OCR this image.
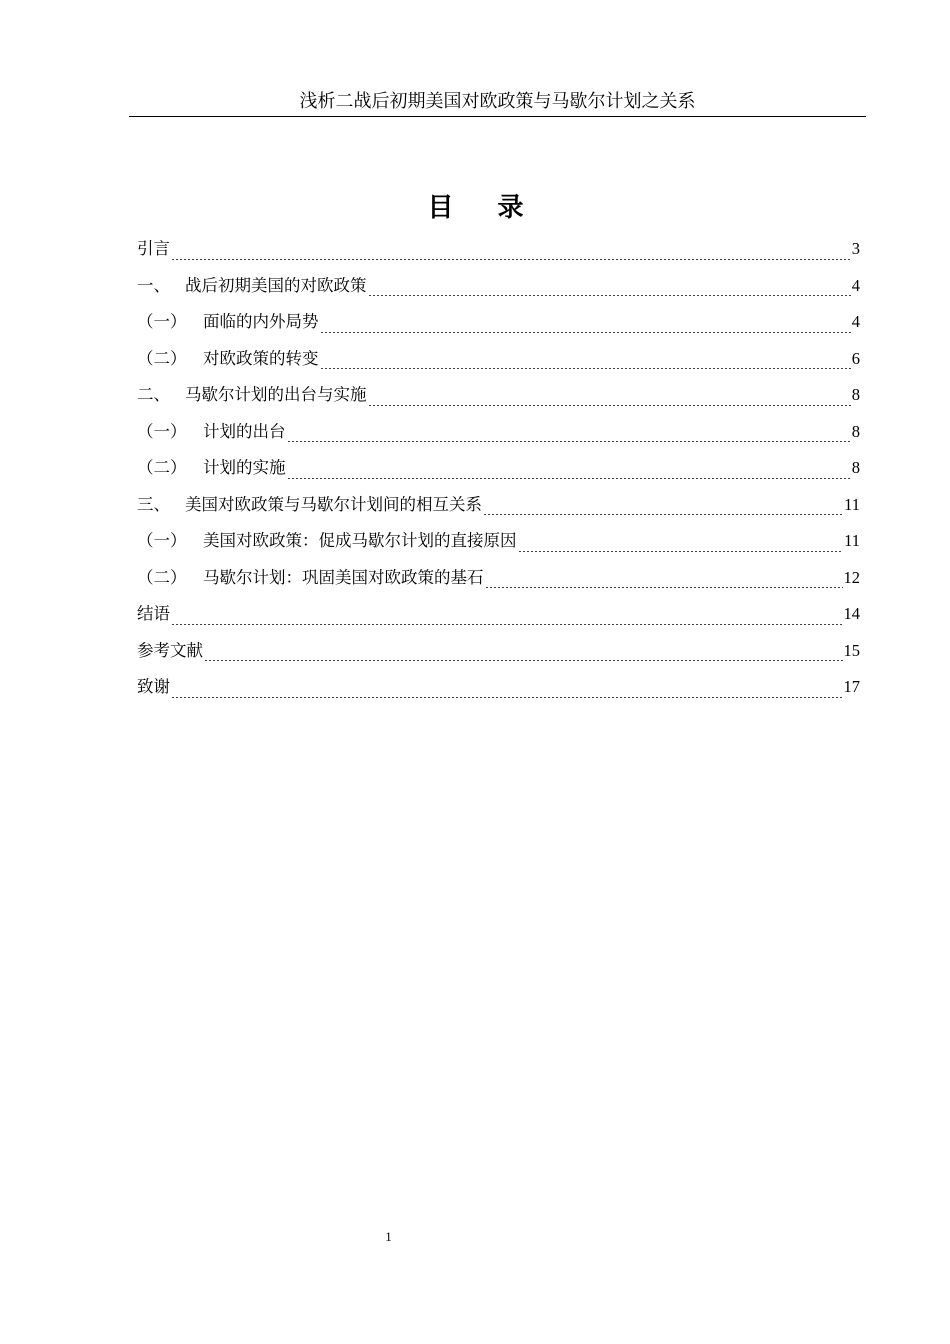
浅析二战后初期美国对欧政策与马歇尔计划之关系
目录
引言	3
一、 战后初期美国的对欧政策	4
（一）	面临的内外局势	4
（二）	对欧政策的转变	6
二、 马歇尔计划的出台与实施	8
（一）	计划的出台	8
（二）	计划的实施	8
三、 美国对欧政策与马歇尔计划间的相互关系	11
（一）	美国对欧政策：促成马歇尔计划的直接原因	11
（二）	马歇尔计划：巩固美国对欧政策的基石	12
结语	14
参考文献	15
致谢	17
1
